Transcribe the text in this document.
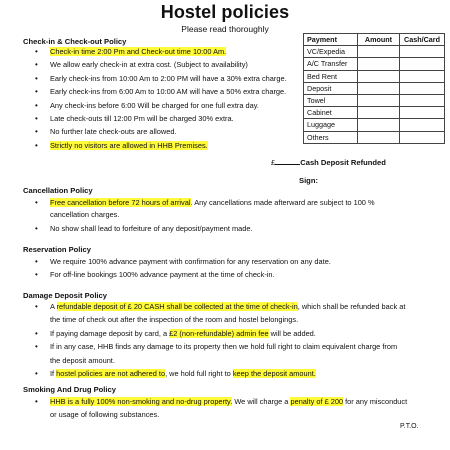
Hostel policies
Please read thoroughly
Check-in & Check-out Policy
• Check-in time 2:00 Pm and Check-out time 10:00 Am.
• We allow early check-in at extra cost. (Subject to availability)
• Early check-ins from 10:00 Am to 2:00 PM will have a 30% extra charge.
• Early check-ins from 6:00 Am to 10:00 AM will have a 50% extra charge.
• Any check-ins before 6:00 Will be charged for one full extra day.
• Late check-outs till 12:00 Pm will be charged 30% extra.
• No further late check-outs are allowed.
• Strictly no visitors are allowed in HHB Premises.
Payment	Amount	Cash/Card
VC/Expedia		
A/C Transfer		
Bed Rent		
Deposit		
Towel		
Cabinet		
Luggage		
Others		
£	Cash Deposit Refunded
Sign:
Cancellation Policy
• Free cancellation before 72 hours of arrival. Any cancellations made afterward are subject to 100 %
cancellation charges.
• No show shall lead to forfeiture of any deposit/payment made.
Reservation Policy
• We require 100% advance payment with confirmation for any reservation on any date.
• For off-line bookings 100% advance payment at the time of check-in.
Damage Deposit Policy
• A refundable deposit of £ 20 CASH shall be collected at the time of check-in, which shall be refunded back at
the time of check out after the inspection of the room and hostel belongings.
• If paying damage deposit by card, a £2 (non-refundable) admin fee will be added.
• If in any case, HHB finds any damage to its property then we hold full right to claim equivalent charge from
the deposit amount.
• If hostel policies are not adhered to, we hold full right to keep the deposit amount.
Smoking And Drug Policy
• HHB is a fully 100% non-smoking and no-drug property. We will charge a penalty of £ 200 for any misconduct
or usage of following substances.
P.T.O.
